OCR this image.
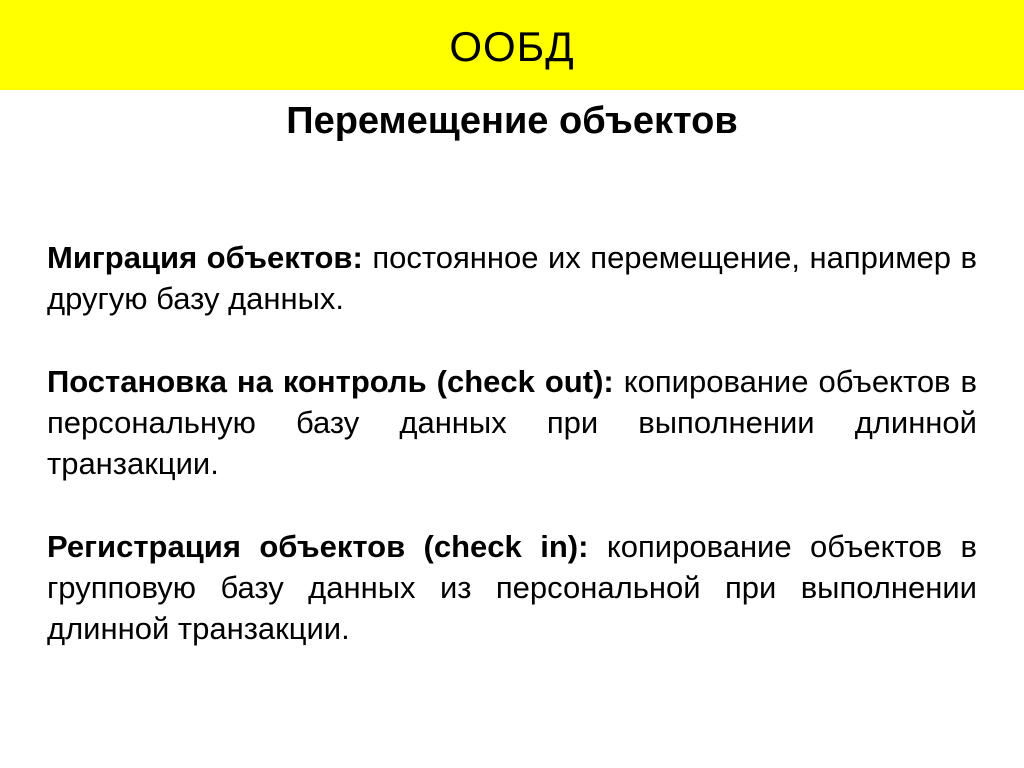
ООБД
Перемещение объектов

Миграция объектов: постоянное их перемещение, например в другую базу данных.

Постановка на контроль (check out): копирование объектов в персональную базу данных при выполнении длинной транзакции.

Регистрация объектов (check in): копирование объектов в групповую базу данных из персональной при выполнении длинной транзакции.
